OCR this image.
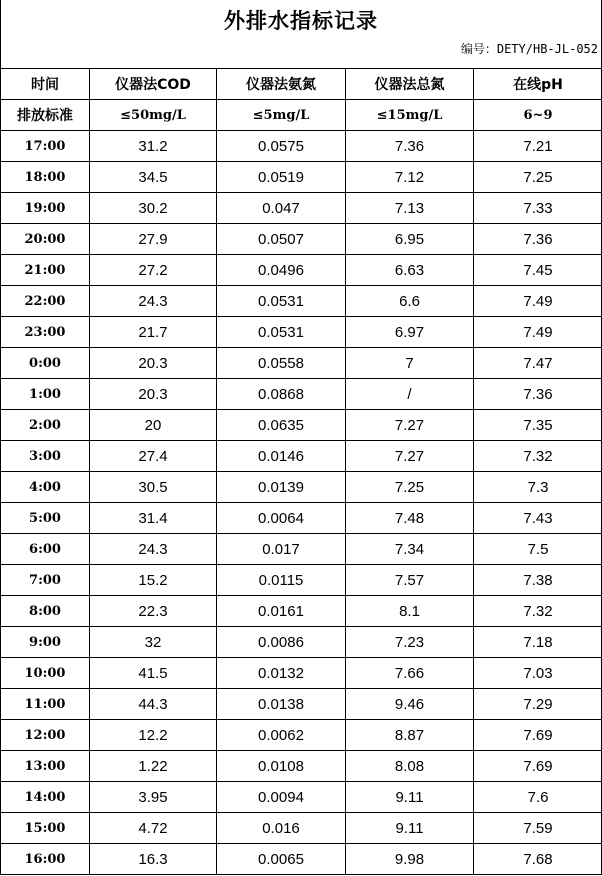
外排水指标记录
编号：DETY/HB-JL-052
时间	仪器法COD	仪器法氨氮	仪器法总氮	在线pH
排放标准	≤50mg/L	≤5mg/L	≤15mg/L	6~9
17:00	31.2	0.0575	7.36	7.21
18:00	34.5	0.0519	7.12	7.25
19:00	30.2	0.047	7.13	7.33
20:00	27.9	0.0507	6.95	7.36
21:00	27.2	0.0496	6.63	7.45
22:00	24.3	0.0531	6.6	7.49
23:00	21.7	0.0531	6.97	7.49
0:00	20.3	0.0558	7	7.47
1:00	20.3	0.0868	/	7.36
2:00	20	0.0635	7.27	7.35
3:00	27.4	0.0146	7.27	7.32
4:00	30.5	0.0139	7.25	7.3
5:00	31.4	0.0064	7.48	7.43
6:00	24.3	0.017	7.34	7.5
7:00	15.2	0.0115	7.57	7.38
8:00	22.3	0.0161	8.1	7.32
9:00	32	0.0086	7.23	7.18
10:00	41.5	0.0132	7.66	7.03
11:00	44.3	0.0138	9.46	7.29
12:00	12.2	0.0062	8.87	7.69
13:00	1.22	0.0108	8.08	7.69
14:00	3.95	0.0094	9.11	7.6
15:00	4.72	0.016	9.11	7.59
16:00	16.3	0.0065	9.98	7.68
